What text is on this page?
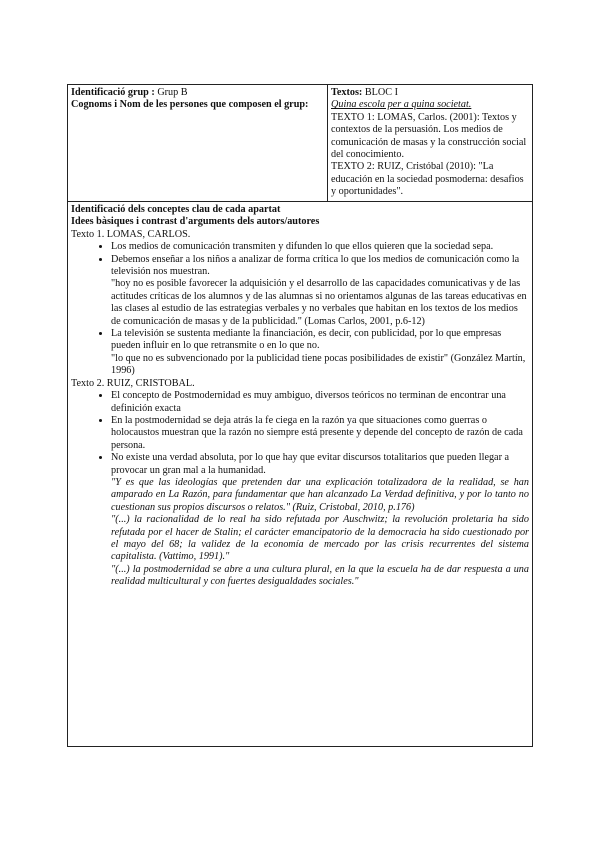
Identificació grup : Grup B
Cognoms i Nom de les persones que composen el grup:

Textos: BLOC I
Quina escola per a quina societat.
TEXTO 1: LOMAS, Carlos. (2001): Textos y contextos de la persuasión. Los medios de comunicación de masas y la construcción social del conocimiento.
TEXTO 2: RUIZ, Cristóbal (2010): "La educación en la sociedad posmoderna: desafios y oportunidades".

Identificació dels conceptes clau de cada apartat
Idees bàsiques i contrast d'arguments dels autors/autores
Texto 1. LOMAS, CARLOS.

• Los medios de comunicación transmiten y difunden lo que ellos quieren que la sociedad sepa.

• Debemos enseñar a los niños a analizar de forma crítica lo que los medios de comunicación como la televisión nos muestran.

"hoy no es posible favorecer la adquisición y el desarrollo de las capacidades comunicativas y de las actitudes críticas de los alumnos y de las alumnas si no orientamos algunas de las tareas educativas en las clases al estudio de las estrategias verbales y no verbales que habitan en los textos de los medios de comunicación de masas y de la publicidad." (Lomas Carlos, 2001, p.6-12)

• La televisión se sustenta mediante la financiación, es decir, con publicidad, por lo que empresas pueden influir en lo que retransmite o en lo que no.

"lo que no es subvencionado por la publicidad tiene pocas posibilidades de existir" (González Martín, 1996)

Texto 2. RUIZ, CRISTOBAL.

• El concepto de Postmodernidad es muy ambiguo, diversos teóricos no terminan de encontrar una definición exacta

• En la postmodernidad se deja atrás la fe ciega en la razón ya que situaciones como guerras o holocaustos muestran que la razón no siempre está presente y depende del concepto de razón de cada persona.

• No existe una verdad absoluta, por lo que hay que evitar discursos totalitarios que pueden llegar a provocar un gran mal a la humanidad.

"Y es que las ideologías que pretenden dar una explicación totalizadora de la realidad, se han amparado en La Razón, para fundamentar que han alcanzado La Verdad definitiva, y por lo tanto no cuestionan sus propios discursos o relatos." (Ruiz, Cristobal, 2010, p.176)

"(...) la racionalidad de lo real ha sido refutada por Auschwitz; la revolución proletaria ha sido refutada por el hacer de Stalin; el carácter emancipatorio de la democracia ha sido cuestionado por el mayo del 68; la validez de la economía de mercado por las crisis recurrentes del sistema capitalista. (Vattimo, 1991)."

"(...) la postmodernidad se abre a una cultura plural, en la que la escuela ha de dar respuesta a una realidad multicultural y con fuertes desigualdades sociales."
